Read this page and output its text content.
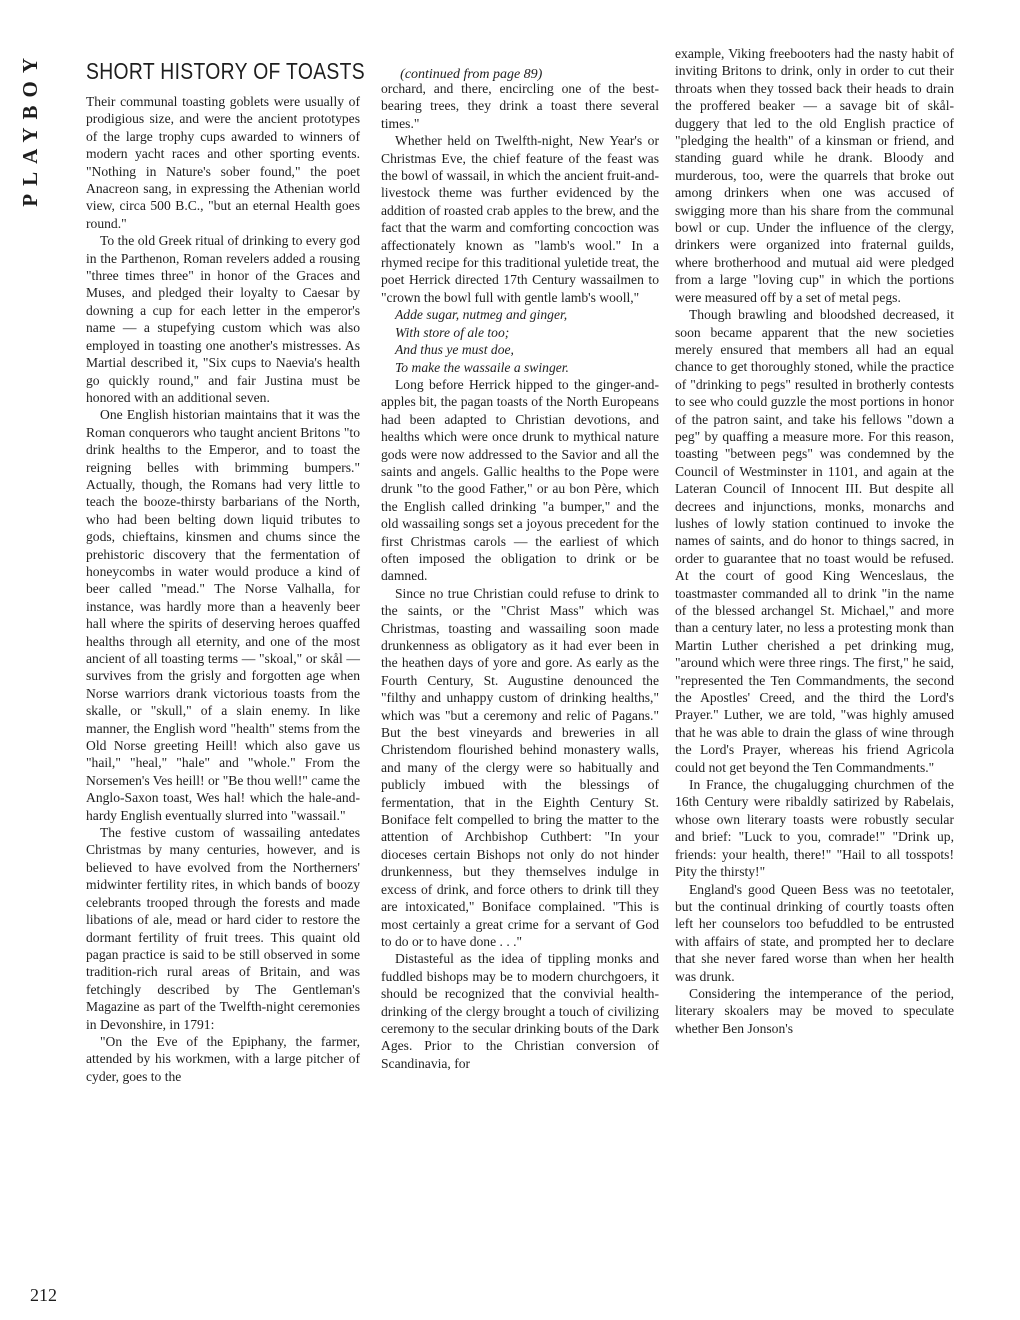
PLAYBOY SHORT HISTORY OF TOASTS	(continued from page 89)

Their communal toasting goblets were usually of prodigious size, and were the ancient prototypes of the large trophy cups awarded to winners of modern yacht races and other sporting events. "Nothing in Nature's sober found," the poet Anacreon sang, in expressing the Athenian world view, circa 500 B.C., "but an eternal Health goes round."

To the old Greek ritual of drinking to every god in the Parthenon, Roman revelers added a rousing "three times three" in honor of the Graces and Muses, and pledged their loyalty to Caesar by downing a cup for each letter in the emperor's name — a stupefying custom which was also employed in toasting one another's mistresses. As Martial described it, "Six cups to Naevia's health go quickly round," and fair Justina must be honored with an additional seven.

One English historian maintains that it was the Roman conquerors who taught ancient Britons "to drink healths to the Emperor, and to toast the reigning belles with brimming bumpers." Actually, though, the Romans had very little to teach the booze-thirsty barbarians of the North, who had been belting down liquid tributes to gods, chieftains, kinsmen and chums since the prehistoric discovery that the fermentation of honeycombs in water would produce a kind of beer called "mead." The Norse Valhalla, for instance, was hardly more than a heavenly beer hall where the spirits of deserving heroes quaffed healths through all eternity, and one of the most ancient of all toasting terms — "skoal," or skål — survives from the grisly and forgotten age when Norse warriors drank victorious toasts from the skalle, or "skull," of a slain enemy. In like manner, the English word "health" stems from the Old Norse greeting Heill! which also gave us "hail," "heal," "hale" and "whole." From the Norsemen's Ves heill! or "Be thou well!" came the Anglo-Saxon toast, Wes hal! which the hale-and-hardy English eventually slurred into "wassail."

The festive custom of wassailing antedates Christmas by many centuries, however, and is believed to have evolved from the Northerners' midwinter fertility rites, in which bands of boozy celebrants trooped through the forests and made libations of ale, mead or hard cider to restore the dormant fertility of fruit trees. This quaint old pagan practice is said to be still observed in some tradition-rich rural areas of Britain, and was fetchingly described by The Gentleman's Magazine as part of the Twelfth-night ceremonies in Devonshire, in 1791:

"On the Eve of the Epiphany, the farmer, attended by his workmen, with a large pitcher of cyder, goes to the

orchard, and there, encircling one of the best-bearing trees, they drink a toast there several times."

Whether held on Twelfth-night, New Year's or Christmas Eve, the chief feature of the feast was the bowl of wassail, in which the ancient fruit-and-livestock theme was further evidenced by the addition of roasted crab apples to the brew, and the fact that the warm and comforting concoction was affectionately known as "lamb's wool." In a rhymed recipe for this traditional yuletide treat, the poet Herrick directed 17th Century wassailmen to "crown the bowl full with gentle lamb's wooll,"

Adde sugar, nutmeg and ginger,

With store of ale too;

And thus ye must doe,

To make the wassaile a swinger.

Long before Herrick hipped to the ginger-and-apples bit, the pagan toasts of the North Europeans had been adapted to Christian devotions, and healths which were once drunk to mythical nature gods were now addressed to the Savior and all the saints and angels. Gallic healths to the Pope were drunk "to the good Father," or au bon Père, which the English called drinking "a bumper," and the old wassailing songs set a joyous precedent for the first Christmas carols — the earliest of which often imposed the obligation to drink or be damned.

Since no true Christian could refuse to drink to the saints, or the "Christ Mass" which was Christmas, toasting and wassailing soon made drunkenness as obligatory as it had ever been in the heathen days of yore and gore. As early as the Fourth Century, St. Augustine denounced the "filthy and unhappy custom of drinking healths," which was "but a ceremony and relic of Pagans." But the best vineyards and breweries in all Christendom flourished behind monastery walls, and many of the clergy were so habitually and publicly imbued with the blessings of fermentation, that in the Eighth Century St. Boniface felt compelled to bring the matter to the attention of Archbishop Cuthbert: "In your dioceses certain Bishops not only do not hinder drunkenness, but they themselves indulge in excess of drink, and force others to drink till they are intoxicated," Boniface complained. "This is most certainly a great crime for a servant of God to do or to have done . . ."

Distasteful as the idea of tippling monks and fuddled bishops may be to modern churchgoers, it should be recognized that the convivial health-drinking of the clergy brought a touch of civilizing ceremony to the secular drinking bouts of the Dark Ages. Prior to the Christian conversion of Scandinavia, for

example, Viking freebooters had the nasty habit of inviting Britons to drink, only in order to cut their throats when they tossed back their heads to drain the proffered beaker — a savage bit of skål-duggery that led to the old English practice of "pledging the health" of a kinsman or friend, and standing guard while he drank. Bloody and murderous, too, were the quarrels that broke out among drinkers when one was accused of swigging more than his share from the communal bowl or cup. Under the influence of the clergy, drinkers were organized into fraternal guilds, where brotherhood and mutual aid were pledged from a large "loving cup" in which the portions were measured off by a set of metal pegs.

Though brawling and bloodshed decreased, it soon became apparent that the new societies merely ensured that members all had an equal chance to get thoroughly stoned, while the practice of "drinking to pegs" resulted in brotherly contests to see who could guzzle the most portions in honor of the patron saint, and take his fellows "down a peg" by quaffing a measure more. For this reason, toasting "between pegs" was condemned by the Council of Westminster in 1101, and again at the Lateran Council of Innocent III. But despite all decrees and injunctions, monks, monarchs and lushes of lowly station continued to invoke the names of saints, and do honor to things sacred, in order to guarantee that no toast would be refused. At the court of good King Wenceslaus, the toastmaster commanded all to drink "in the name of the blessed archangel St. Michael," and more than a century later, no less a protesting monk than Martin Luther cherished a pet drinking mug, "around which were three rings. The first," he said, "represented the Ten Commandments, the second the Apostles' Creed, and the third the Lord's Prayer." Luther, we are told, "was highly amused that he was able to drain the glass of wine through the Lord's Prayer, whereas his friend Agricola could not get beyond the Ten Commandments."

In France, the chugalugging churchmen of the 16th Century were ribaldly satirized by Rabelais, whose own literary toasts were robustly secular and brief: "Luck to you, comrade!" "Drink up, friends: your health, there!" "Hail to all tosspots! Pity the thirsty!"

England's good Queen Bess was no teetotaler, but the continual drinking of courtly toasts often left her counselors too befuddled to be entrusted with affairs of state, and prompted her to declare that she never fared worse than when her health was drunk.

Considering the intemperance of the period, literary skoalers may be moved to speculate whether Ben Jonson's

212
